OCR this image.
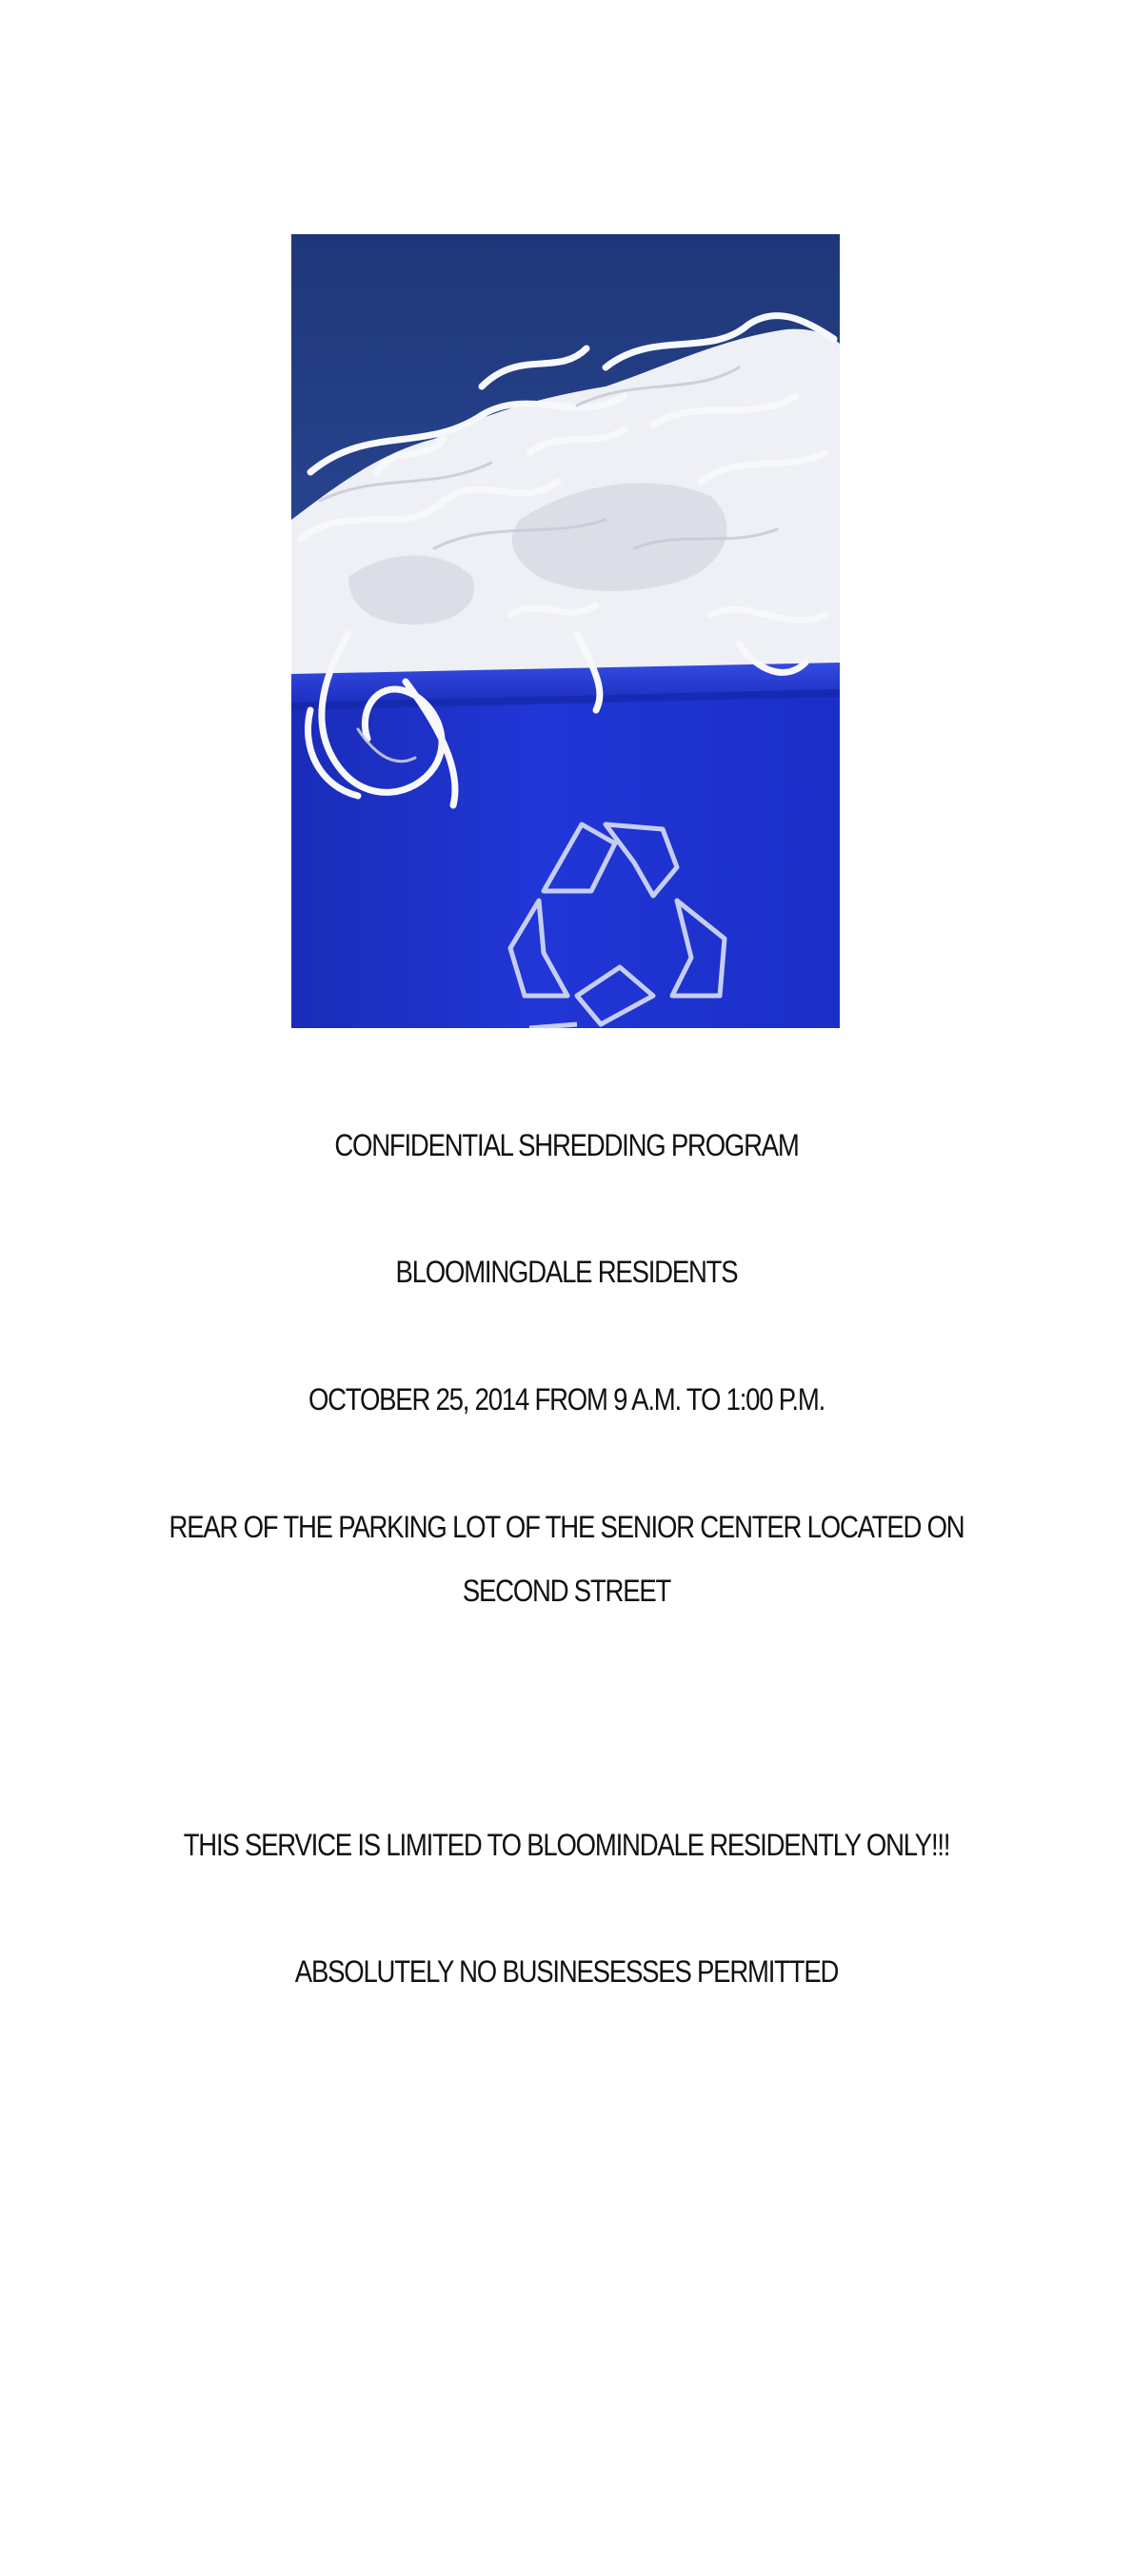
CONFIDENTIAL SHREDDING PROGRAM
BLOOMINGDALE RESIDENTS
OCTOBER 25, 2014 FROM 9 A.M. TO 1:00 P.M.
REAR OF THE PARKING LOT OF THE SENIOR CENTER LOCATED ON
SECOND STREET
THIS SERVICE IS LIMITED TO BLOOMINDALE RESIDENTLY ONLY!!!
ABSOLUTELY NO BUSINESESSES PERMITTED
